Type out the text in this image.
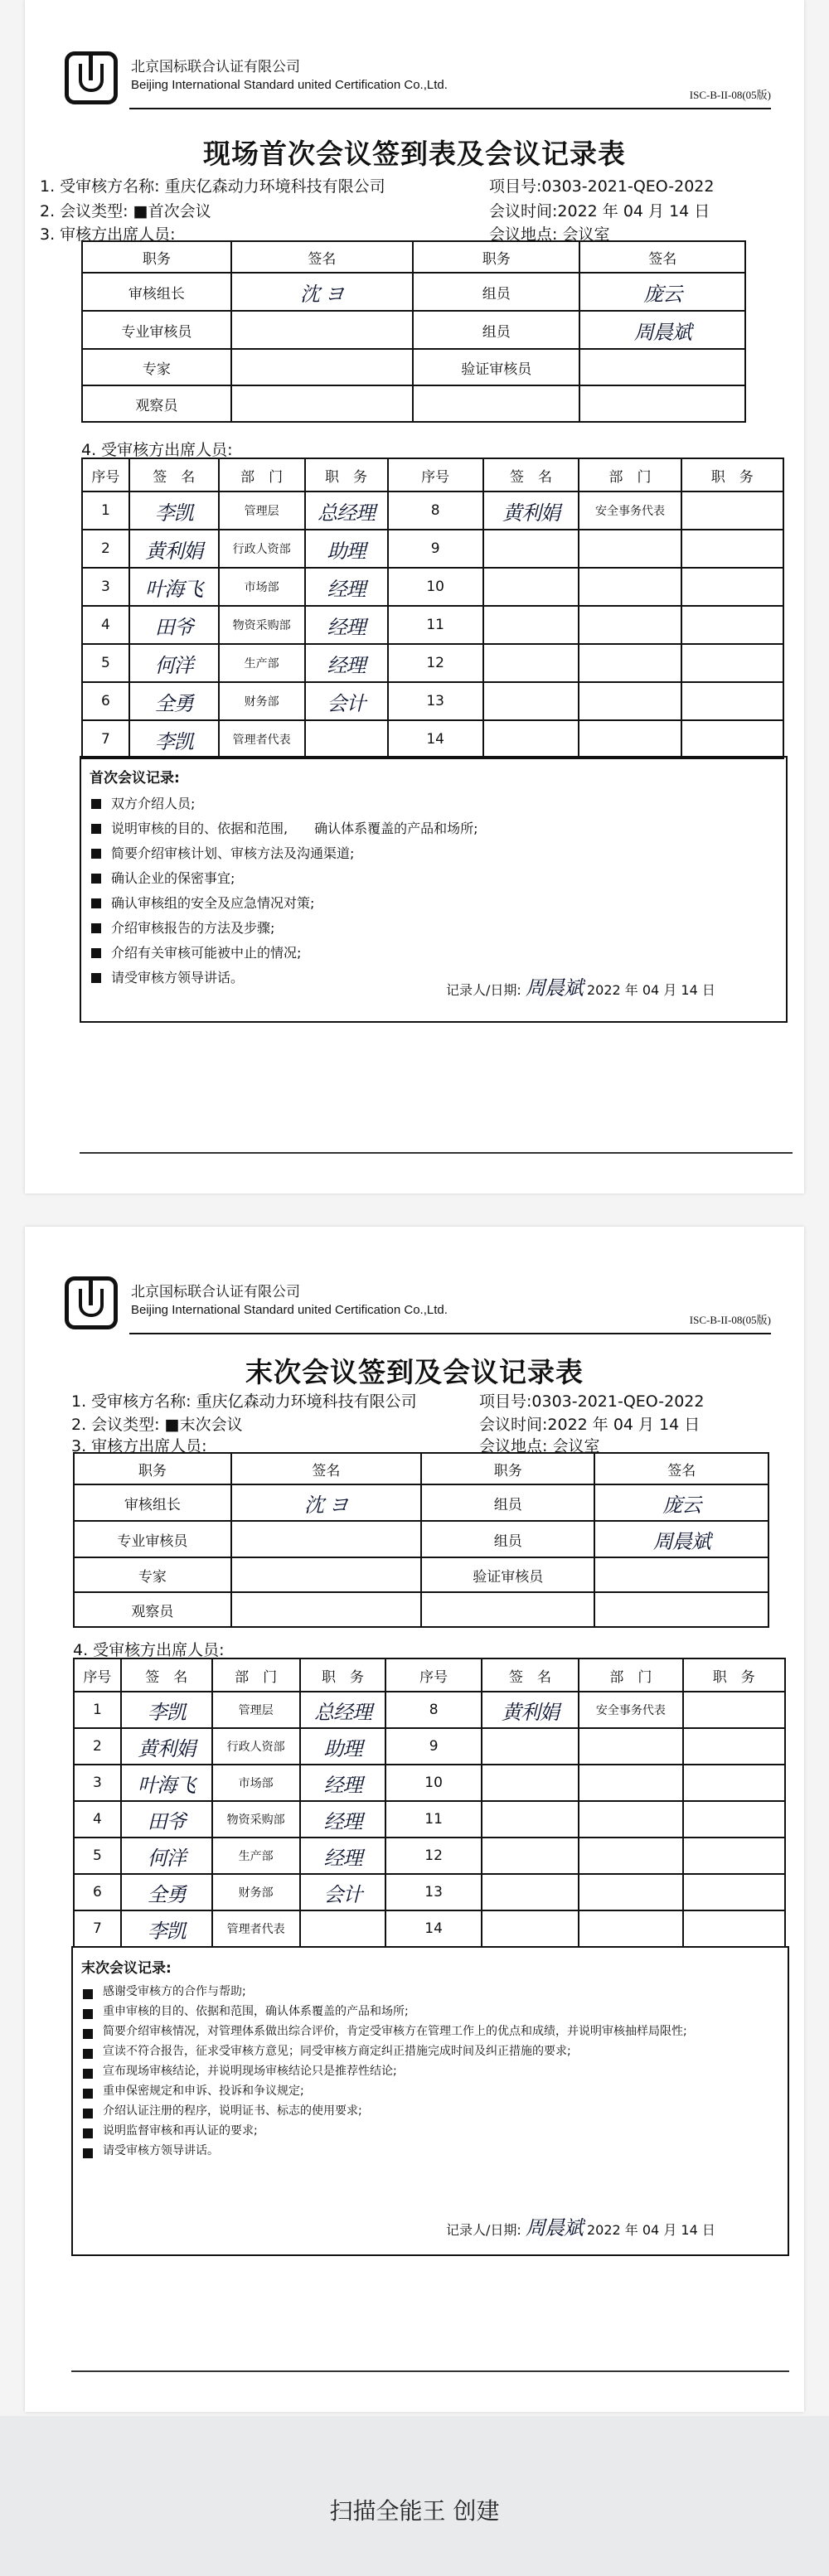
北京国标联合认证有限公司
Beijing International Standard united Certification Co.,Ltd.
ISC-B-II-08(05版)
现场首次会议签到表及会议记录表
1. 受审核方名称: 重庆亿森动力环境科技有限公司	项目号:0303-2021-QEO-2022
2. 会议类型: ■首次会议	会议时间:2022 年 04 月 14 日
3. 审核方出席人员:	会议地点: 会议室
职务	签名	职务	签名
审核组长	沈 ヨ	组员	庞云
专业审核员		组员	周晨斌
专家		验证审核员	
观察员			
4. 受审核方出席人员:
序号	签　名	部　门	职　务	序号	签　名	部　门	职　务
1	李凯	管理层	总经理	8	黄利娟	安全事务代表	
2	黄利娟	行政人资部	助理	9			
3	叶海飞	市场部	经理	10			
4	田爷	物资采购部	经理	11			
5	何洋	生产部	经理	12			
6	全勇	财务部	会计	13			
7	李凯	管理者代表		14			
首次会议记录:
双方介绍人员;
说明审核的目的、依据和范围,　　确认体系覆盖的产品和场所;
简要介绍审核计划、审核方法及沟通渠道;
确认企业的保密事宜;
确认审核组的安全及应急情况对策;
介绍审核报告的方法及步骤;
介绍有关审核可能被中止的情况;
请受审核方领导讲话。
记录人/日期: 周晨斌 2022 年 04 月 14 日
北京国标联合认证有限公司
Beijing International Standard united Certification Co.,Ltd.
ISC-B-II-08(05版)
末次会议签到及会议记录表
1. 受审核方名称: 重庆亿森动力环境科技有限公司	项目号:0303-2021-QEO-2022
2. 会议类型: ■末次会议	会议时间:2022 年 04 月 14 日
3. 审核方出席人员:	会议地点: 会议室
职务	签名	职务	签名
审核组长	沈 ヨ	组员	庞云
专业审核员		组员	周晨斌
专家		验证审核员	
观察员			
4. 受审核方出席人员:
序号	签　名	部　门	职　务	序号	签　名	部　门	职　务
1	李凯	管理层	总经理	8	黄利娟	安全事务代表	
2	黄利娟	行政人资部	助理	9			
3	叶海飞	市场部	经理	10			
4	田爷	物资采购部	经理	11			
5	何洋	生产部	经理	12			
6	全勇	财务部	会计	13			
7	李凯	管理者代表		14			
末次会议记录:
感谢受审核方的合作与帮助;
重申审核的目的、依据和范围，确认体系覆盖的产品和场所;
简要介绍审核情况，对管理体系做出综合评价，肯定受审核方在管理工作上的优点和成绩，并说明审核抽样局限性;
宣读不符合报告，征求受审核方意见；同受审核方商定纠正措施完成时间及纠正措施的要求;
宣布现场审核结论，并说明现场审核结论只是推荐性结论;
重申保密规定和申诉、投诉和争议规定;
介绍认证注册的程序，说明证书、标志的使用要求;
说明监督审核和再认证的要求;
请受审核方领导讲话。
记录人/日期: 周晨斌 2022 年 04 月 14 日
扫描全能王 创建
